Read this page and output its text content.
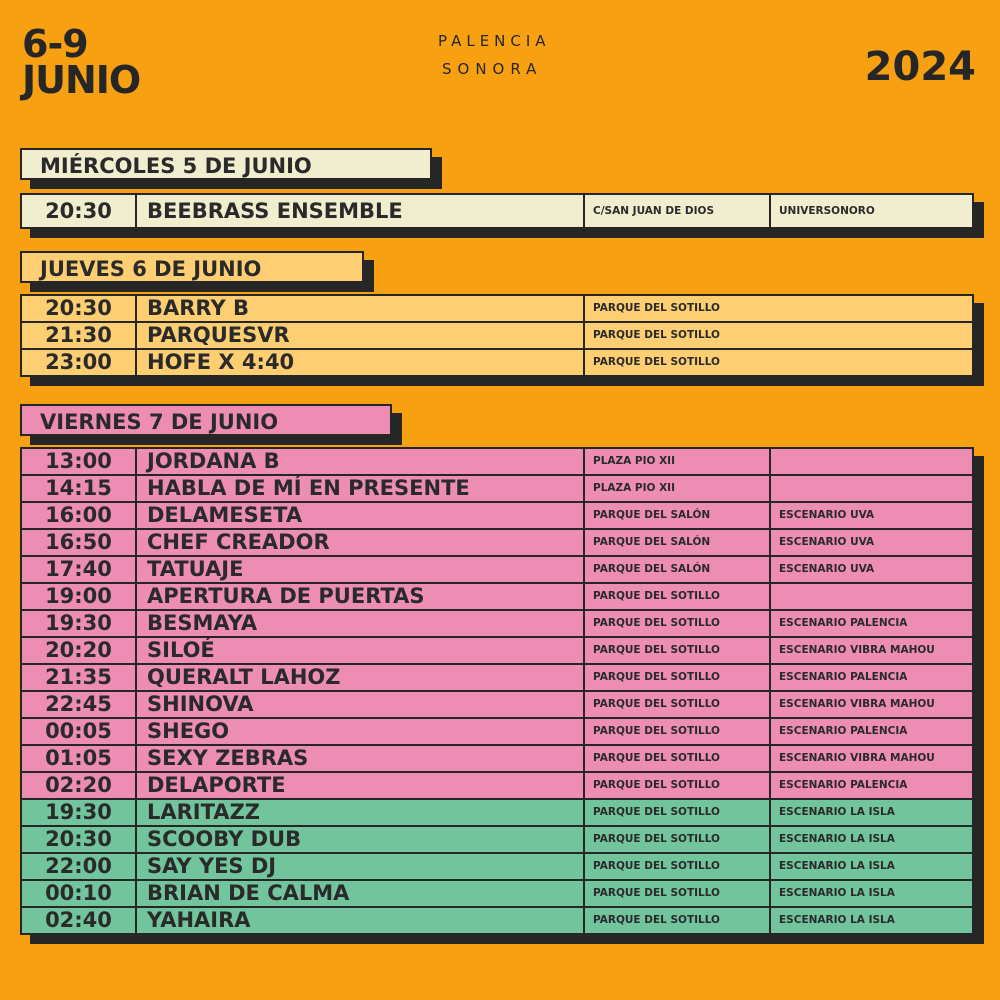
6-9
JUNIO
PALENCIA
SONORA	2024
MIÉRCOLES 5 DE JUNIO
20:30	BEEBRASS ENSEMBLE	C/SAN JUAN DE DIOS	UNIVERSONORO
JUEVES 6 DE JUNIO
20:30	BARRY B	PARQUE DEL SOTILLO
21:30	PARQUESVR	PARQUE DEL SOTILLO
23:00	HOFE X 4:40	PARQUE DEL SOTILLO
VIERNES 7 DE JUNIO
13:00	JORDANA B	PLAZA PIO XII	
14:15	HABLA DE MÍ EN PRESENTE	PLAZA PIO XII	
16:00	DELAMESETA	PARQUE DEL SALÓN	ESCENARIO UVA
16:50	CHEF CREADOR	PARQUE DEL SALÓN	ESCENARIO UVA
17:40	TATUAJE	PARQUE DEL SALÓN	ESCENARIO UVA
19:00	APERTURA DE PUERTAS	PARQUE DEL SOTILLO	
19:30	BESMAYA	PARQUE DEL SOTILLO	ESCENARIO PALENCIA
20:20	SILOÉ	PARQUE DEL SOTILLO	ESCENARIO VIBRA MAHOU
21:35	QUERALT LAHOZ	PARQUE DEL SOTILLO	ESCENARIO PALENCIA
22:45	SHINOVA	PARQUE DEL SOTILLO	ESCENARIO VIBRA MAHOU
00:05	SHEGO	PARQUE DEL SOTILLO	ESCENARIO PALENCIA
01:05	SEXY ZEBRAS	PARQUE DEL SOTILLO	ESCENARIO VIBRA MAHOU
02:20	DELAPORTE	PARQUE DEL SOTILLO	ESCENARIO PALENCIA
19:30	LARITAZZ	PARQUE DEL SOTILLO	ESCENARIO LA ISLA
20:30	SCOOBY DUB	PARQUE DEL SOTILLO	ESCENARIO LA ISLA
22:00	SAY YES DJ	PARQUE DEL SOTILLO	ESCENARIO LA ISLA
00:10	BRIAN DE CALMA	PARQUE DEL SOTILLO	ESCENARIO LA ISLA
02:40	YAHAIRA	PARQUE DEL SOTILLO	ESCENARIO LA ISLA
